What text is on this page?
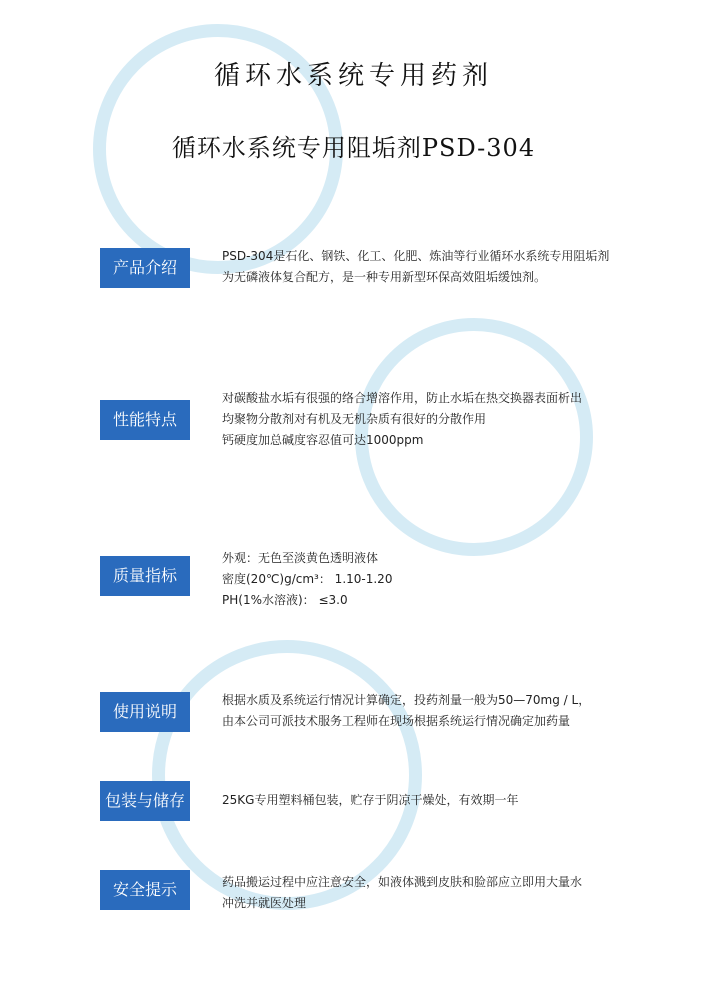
循环水系统专用药剂
循环水系统专用阻垢剂PSD-304
产品介绍
PSD-304是石化、钢铁、化工、化肥、炼油等行业循环水系统专用阻垢剂
为无磷液体复合配方，是一种专用新型环保高效阻垢缓蚀剂。
性能特点
对碳酸盐水垢有很强的络合增溶作用，防止水垢在热交换器表面析出
均聚物分散剂对有机及无机杂质有很好的分散作用
钙硬度加总碱度容忍值可达1000ppm
质量指标
外观：无色至淡黄色透明液体
密度(20℃)g/cm³： 1.10-1.20
PH(1%水溶液)： ≤3.0
使用说明
根据水质及系统运行情况计算确定，投药剂量一般为50—70mg / L，
由本公司可派技术服务工程师在现场根据系统运行情况确定加药量
包装与储存	25KG专用塑料桶包装，贮存于阴凉干燥处，有效期一年
安全提示	药品搬运过程中应注意安全，如液体溅到皮肤和脸部应立即用大量水
冲洗并就医处理
